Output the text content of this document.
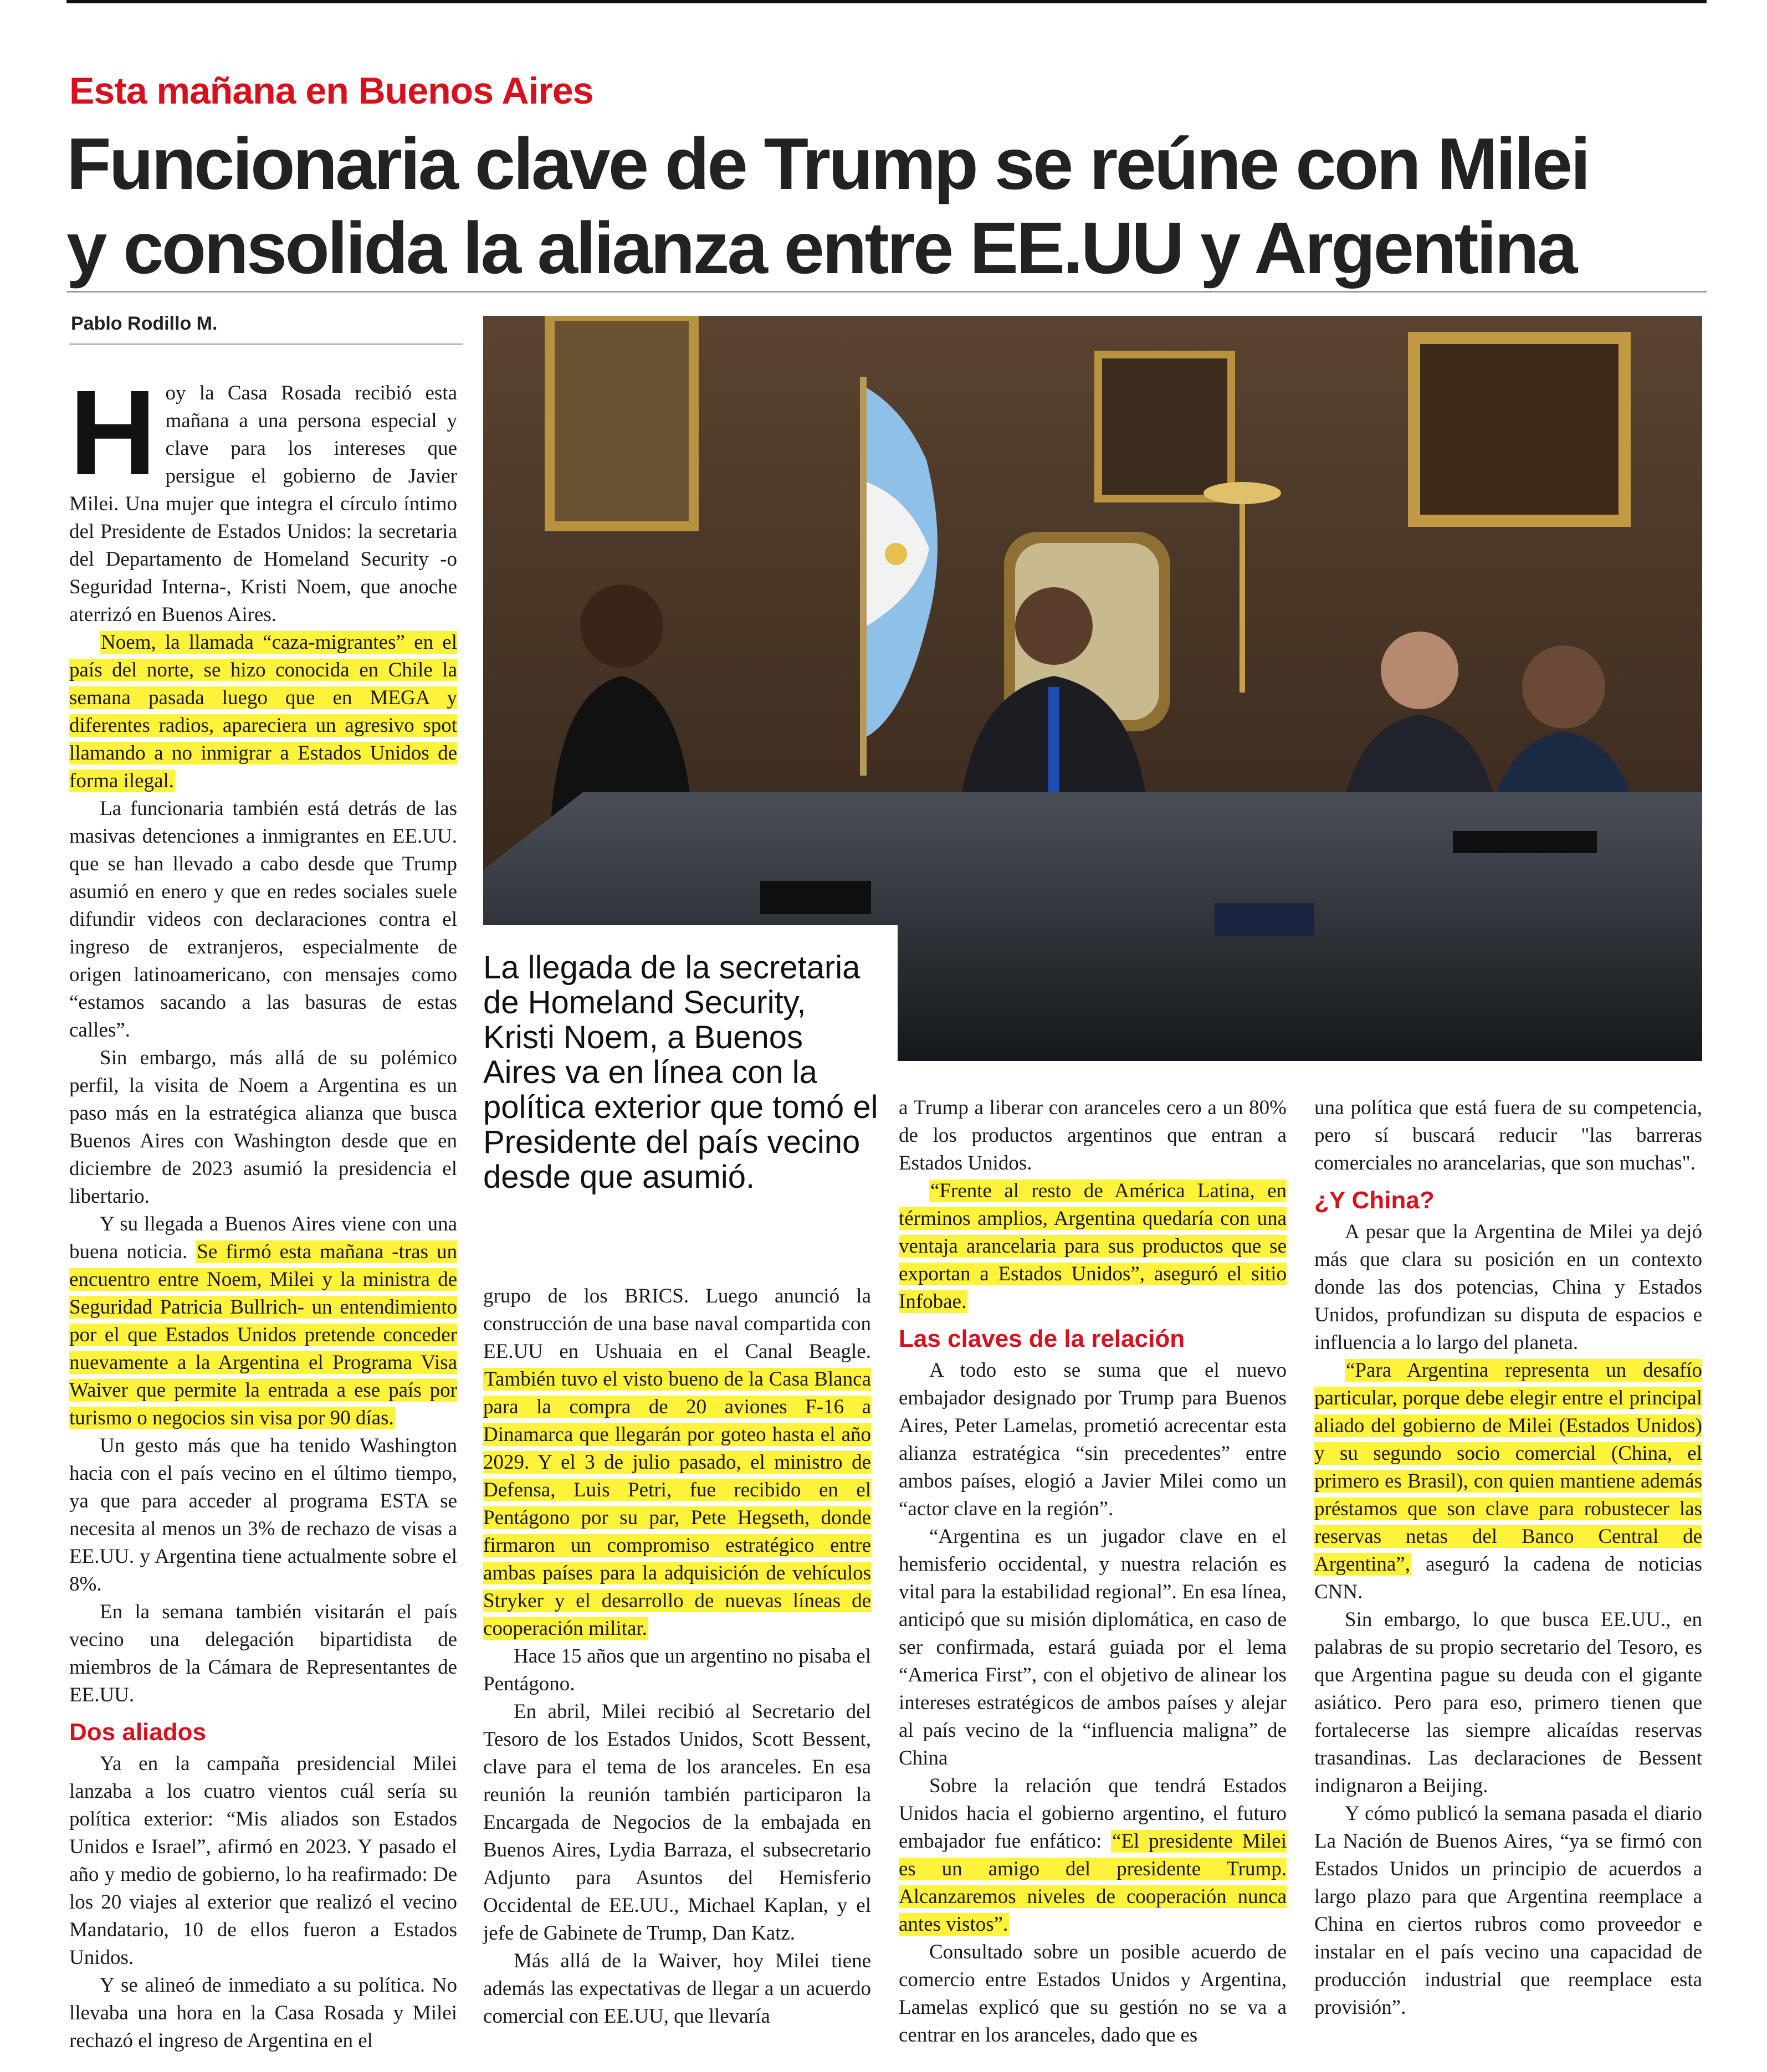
Esta mañana en Buenos Aires
Funcionaria clave de Trump se reúne con Milei
y consolida la alianza entre EE.UU y Argentina
Pablo Rodillo M.

Hoy la Casa Rosada recibió esta mañana a una persona especial y clave para los intereses que persigue el gobierno de Javier Milei. Una mujer que integra el círculo íntimo del Presidente de Estados Unidos: la secretaria del Departamento de Homeland Security -o Seguridad Interna-, Kristi Noem, que anoche aterrizó en Buenos Aires.

Noem, la llamada “caza-migrantes” en el país del norte, se hizo conocida en Chile la semana pasada luego que en MEGA y diferentes radios, apareciera un agresivo spot llamando a no inmigrar a Estados Unidos de forma ilegal.

La funcionaria también está detrás de las masivas detenciones a inmigrantes en EE.UU. que se han llevado a cabo desde que Trump asumió en enero y que en redes sociales suele difundir videos con declaraciones contra el ingreso de extranjeros, especialmente de origen latinoamericano, con mensajes como “estamos sacando a las basuras de estas calles”.

Sin embargo, más allá de su polémico perfil, la visita de Noem a Argentina es un paso más en la estratégica alianza que busca Buenos Aires con Washington desde que en diciembre de 2023 asumió la presidencia el libertario.

Y su llegada a Buenos Aires viene con una buena noticia. Se firmó esta mañana -tras un encuentro entre Noem, Milei y la ministra de Seguridad Patricia Bullrich- un entendimiento por el que Estados Unidos pretende conceder nuevamente a la Argentina el Programa Visa Waiver que permite la entrada a ese país por turismo o negocios sin visa por 90 días.

Un gesto más que ha tenido Washington hacia con el país vecino en el último tiempo, ya que para acceder al programa ESTA se necesita al menos un 3% de rechazo de visas a EE.UU. y Argentina tiene actualmente sobre el 8%.

En la semana también visitarán el país vecino una delegación bipartidista de miembros de la Cámara de Representantes de EE.UU.

Dos aliados

Ya en la campaña presidencial Milei lanzaba a los cuatro vientos cuál sería su política exterior: “Mis aliados son Estados Unidos e Israel”, afirmó en 2023. Y pasado el año y medio de gobierno, lo ha reafirmado: De los 20 viajes al exterior que realizó el vecino Mandatario, 10 de ellos fueron a Estados Unidos.

Y se alineó de inmediato a su política. No llevaba una hora en la Casa Rosada y Milei rechazó el ingreso de Argentina en el

La llegada de la secretaria de Homeland Security, Kristi Noem, a Buenos Aires va en línea con la política exterior que tomó el Presidente del país vecino desde que asumió.

grupo de los BRICS. Luego anunció la construcción de una base naval compartida con EE.UU en Ushuaia en el Canal Beagle. También tuvo el visto bueno de la Casa Blanca para la compra de 20 aviones F-16 a Dinamarca que llegarán por goteo hasta el año 2029. Y el 3 de julio pasado, el ministro de Defensa, Luis Petri, fue recibido en el Pentágono por su par, Pete Hegseth, donde firmaron un compromiso estratégico entre ambas países para la adquisición de vehículos Stryker y el desarrollo de nuevas líneas de cooperación militar.

Hace 15 años que un argentino no pisaba el Pentágono.

En abril, Milei recibió al Secretario del Tesoro de los Estados Unidos, Scott Bessent, clave para el tema de los aranceles. En esa reunión la reunión también participaron la Encargada de Negocios de la embajada en Buenos Aires, Lydia Barraza, el subsecretario Adjunto para Asuntos del Hemisferio Occidental de EE.UU., Michael Kaplan, y el jefe de Gabinete de Trump, Dan Katz.

Más allá de la Waiver, hoy Milei tiene además las expectativas de llegar a un acuerdo comercial con EE.UU, que llevaría

a Trump a liberar con aranceles cero a un 80% de los productos argentinos que entran a Estados Unidos.

“Frente al resto de América Latina, en términos amplios, Argentina quedaría con una ventaja arancelaria para sus productos que se exportan a Estados Unidos”, aseguró el sitio Infobae.

Las claves de la relación

A todo esto se suma que el nuevo embajador designado por Trump para Buenos Aires, Peter Lamelas, prometió acrecentar esta alianza estratégica “sin precedentes” entre ambos países, elogió a Javier Milei como un “actor clave en la región”.

“Argentina es un jugador clave en el hemisferio occidental, y nuestra relación es vital para la estabilidad regional”. En esa línea, anticipó que su misión diplomática, en caso de ser confirmada, estará guiada por el lema “America First”, con el objetivo de alinear los intereses estratégicos de ambos países y alejar al país vecino de la “influencia maligna” de China

Sobre la relación que tendrá Estados Unidos hacia el gobierno argentino, el futuro embajador fue enfático: “El presidente Milei es un amigo del presidente Trump. Alcanzaremos niveles de cooperación nunca antes vistos”.

Consultado sobre un posible acuerdo de comercio entre Estados Unidos y Argentina, Lamelas explicó que su gestión no se va a centrar en los aranceles, dado que es

una política que está fuera de su competencia, pero sí buscará reducir "las barreras comerciales no arancelarias, que son muchas".

¿Y China?

A pesar que la Argentina de Milei ya dejó más que clara su posición en un contexto donde las dos potencias, China y Estados Unidos, profundizan su disputa de espacios e influencia a lo largo del planeta.

“Para Argentina representa un desafío particular, porque debe elegir entre el principal aliado del gobierno de Milei (Estados Unidos) y su segundo socio comercial (China, el primero es Brasil), con quien mantiene además préstamos que son clave para robustecer las reservas netas del Banco Central de Argentina”, aseguró la cadena de noticias CNN.

Sin embargo, lo que busca EE.UU., en palabras de su propio secretario del Tesoro, es que Argentina pague su deuda con el gigante asiático. Pero para eso, primero tienen que fortalecerse las siempre alicaídas reservas trasandinas. Las declaraciones de Bessent indignaron a Beijing.

Y cómo publicó la semana pasada el diario La Nación de Buenos Aires, “ya se firmó con Estados Unidos un principio de acuerdos a largo plazo para que Argentina reemplace a China en ciertos rubros como proveedor e instalar en el país vecino una capacidad de producción industrial que reemplace esta provisión”.
